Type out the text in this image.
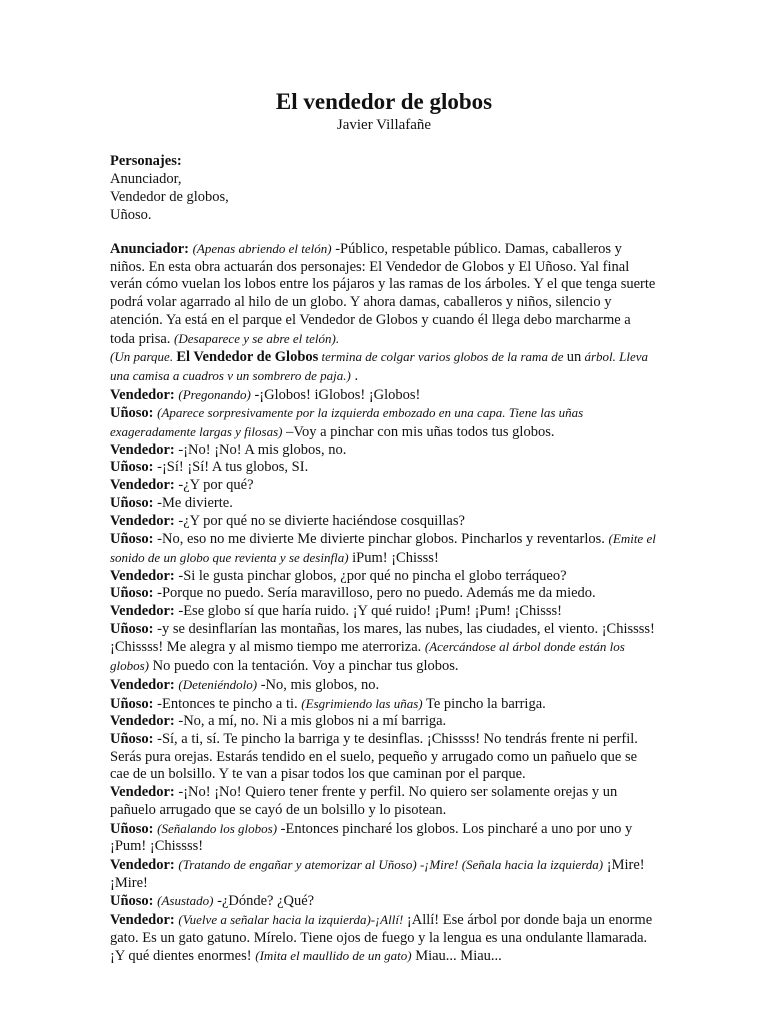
El vendedor de globos
Javier Villafañe
Personajes:
Anunciador,
Vendedor de globos,
Uñoso.

Anunciador: (Apenas abriendo el telón) -Público, respetable público. Damas, caballeros y niños. En esta obra actuarán dos personajes: El Vendedor de Globos y El Uñoso. Yal final verán cómo vuelan los lobos entre los pájaros y las ramas de los árboles. Y el que tenga suerte podrá volar agarrado al hilo de un globo. Y ahora damas, caballeros y niños, silencio y atención. Ya está en el parque el Vendedor de Globos y cuando él llega debo marcharme a toda prisa. (Desaparece y se abre el telón).

(Un parque. El Vendedor de Globos termina de colgar varios globos de la rama de un árbol. Lleva una camisa a cuadros v un sombrero de paja.) .

Vendedor: (Pregonando) -¡Globos! iGlobos! ¡Globos!

Uñoso: (Aparece sorpresivamente por la izquierda embozado en una capa. Tiene las uñas exageradamente largas y filosas) –Voy a pinchar con mis uñas todos tus globos.

Vendedor: -¡No! ¡No! A mis globos, no.

Uñoso: -¡Sí! ¡Sí! A tus globos, SI.

Vendedor: -¿Y por qué?

Uñoso: -Me divierte.

Vendedor: -¿Y por qué no se divierte haciéndose cosquillas?

Uñoso: -No, eso no me divierte Me divierte pinchar globos. Pincharlos y reventarlos. (Emite el sonido de un globo que revienta y se desinfla) iPum! ¡Chisss!

Vendedor: -Si le gusta pinchar globos, ¿por qué no pincha el globo terráqueo?

Uñoso: -Porque no puedo. Sería maravilloso, pero no puedo. Además me da miedo.

Vendedor: -Ese globo sí que haría ruido. ¡Y qué ruido! ¡Pum! ¡Pum! ¡Chisss!

Uñoso: -y se desinflarían las montañas, los mares, las nubes, las ciudades, el viento. ¡Chissss! ¡Chissss! Me alegra y al mismo tiempo me aterroriza. (Acercándose al árbol donde están los globos) No puedo con la tentación. Voy a pinchar tus globos.

Vendedor: (Deteniéndolo) -No, mis globos, no.

Uñoso: -Entonces te pincho a ti. (Esgrimiendo las uñas) Te pincho la barriga.

Vendedor: -No, a mí, no. Ni a mis globos ni a mí barriga.

Uñoso: -Sí, a ti, sí. Te pincho la barriga y te desinflas. ¡Chissss! No tendrás frente ni perfil. Serás pura orejas. Estarás tendido en el suelo, pequeño y arrugado como un pañuelo que se cae de un bolsillo. Y te van a pisar todos los que caminan por el parque.

Vendedor: -¡No! ¡No! Quiero tener frente y perfil. No quiero ser solamente orejas y un pañuelo arrugado que se cayó de un bolsillo y lo pisotean.

Uñoso: (Señalando los globos) -Entonces pincharé los globos. Los pincharé a uno por uno y ¡Pum! ¡Chissss!

Vendedor: (Tratando de engañar y atemorizar al Uñoso) -¡Mire! (Señala hacia la izquierda) ¡Mire! ¡Mire!

Uñoso: (Asustado) -¿Dónde? ¿Qué?

Vendedor: (Vuelve a señalar hacia la izquierda)-¡Allí! ¡Allí! Ese árbol por donde baja un enorme gato. Es un gato gatuno. Mírelo. Tiene ojos de fuego y la lengua es una ondulante llamarada. ¡Y qué dientes enormes! (Imita el maullido de un gato) Miau... Miau...
